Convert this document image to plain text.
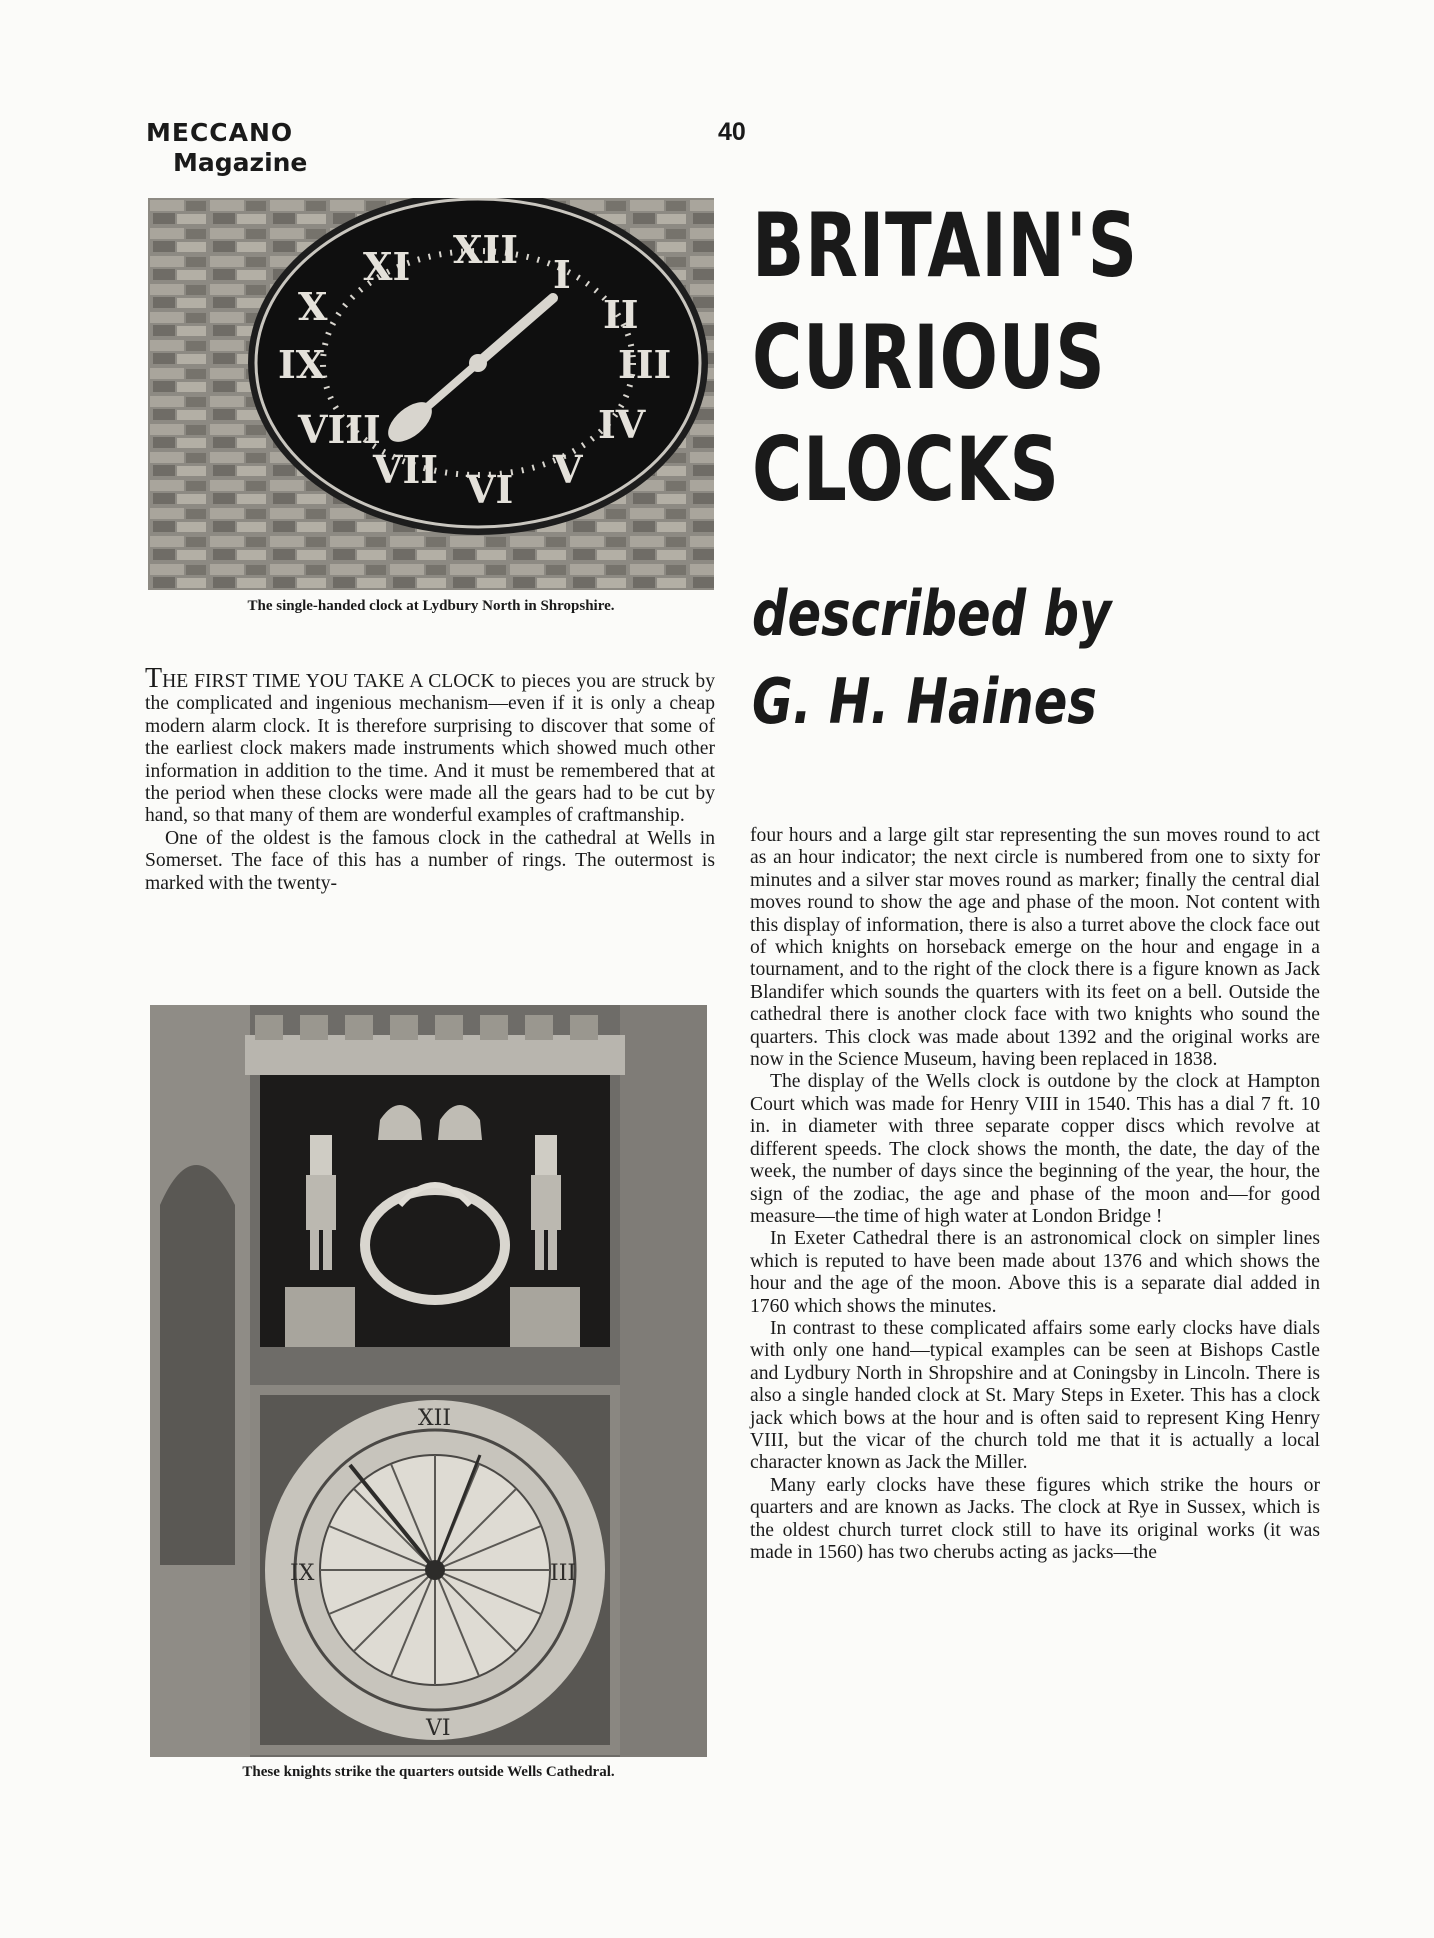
MECCANO
Magazine
40
XII
I
II
III
IV
V
VI
VII
VIII
IX
X
XI
The single-handed clock at Lydbury North in Shropshire.
BRITAIN'S
CURIOUS
CLOCKS
described by
G. H. Haines

THE FIRST TIME YOU TAKE A CLOCK to pieces you are struck by the complicated and ingenious mechanism—even if it is only a cheap modern alarm clock. It is therefore surprising to discover that some of the earliest clock makers made instruments which showed much other information in addition to the time. And it must be remembered that at the period when these clocks were made all the gears had to be cut by hand, so that many of them are wonderful examples of craftmanship.

One of the oldest is the famous clock in the cathedral at Wells in Somerset. The face of this has a number of rings. The outermost is marked with the twenty-

XII
III
VI
IX
These knights strike the quarters outside Wells Cathedral.

four hours and a large gilt star representing the sun moves round to act as an hour indicator; the next circle is numbered from one to sixty for minutes and a silver star moves round as marker; finally the central dial moves round to show the age and phase of the moon. Not content with this display of information, there is also a turret above the clock face out of which knights on horseback emerge on the hour and engage in a tournament, and to the right of the clock there is a figure known as Jack Blandifer which sounds the quarters with its feet on a bell. Outside the cathedral there is another clock face with two knights who sound the quarters. This clock was made about 1392 and the original works are now in the Science Museum, having been replaced in 1838.

The display of the Wells clock is outdone by the clock at Hampton Court which was made for Henry VIII in 1540. This has a dial 7 ft. 10 in. in diameter with three separate copper discs which revolve at different speeds. The clock shows the month, the date, the day of the week, the number of days since the beginning of the year, the hour, the sign of the zodiac, the age and phase of the moon and—for good measure—the time of high water at London Bridge !

In Exeter Cathedral there is an astronomical clock on simpler lines which is reputed to have been made about 1376 and which shows the hour and the age of the moon. Above this is a separate dial added in 1760 which shows the minutes.

In contrast to these complicated affairs some early clocks have dials with only one hand—typical examples can be seen at Bishops Castle and Lydbury North in Shropshire and at Coningsby in Lincoln. There is also a single handed clock at St. Mary Steps in Exeter. This has a clock jack which bows at the hour and is often said to represent King Henry VIII, but the vicar of the church told me that it is actually a local character known as Jack the Miller.

Many early clocks have these figures which strike the hours or quarters and are known as Jacks. The clock at Rye in Sussex, which is the oldest church turret clock still to have its original works (it was made in 1560) has two cherubs acting as jacks—the
